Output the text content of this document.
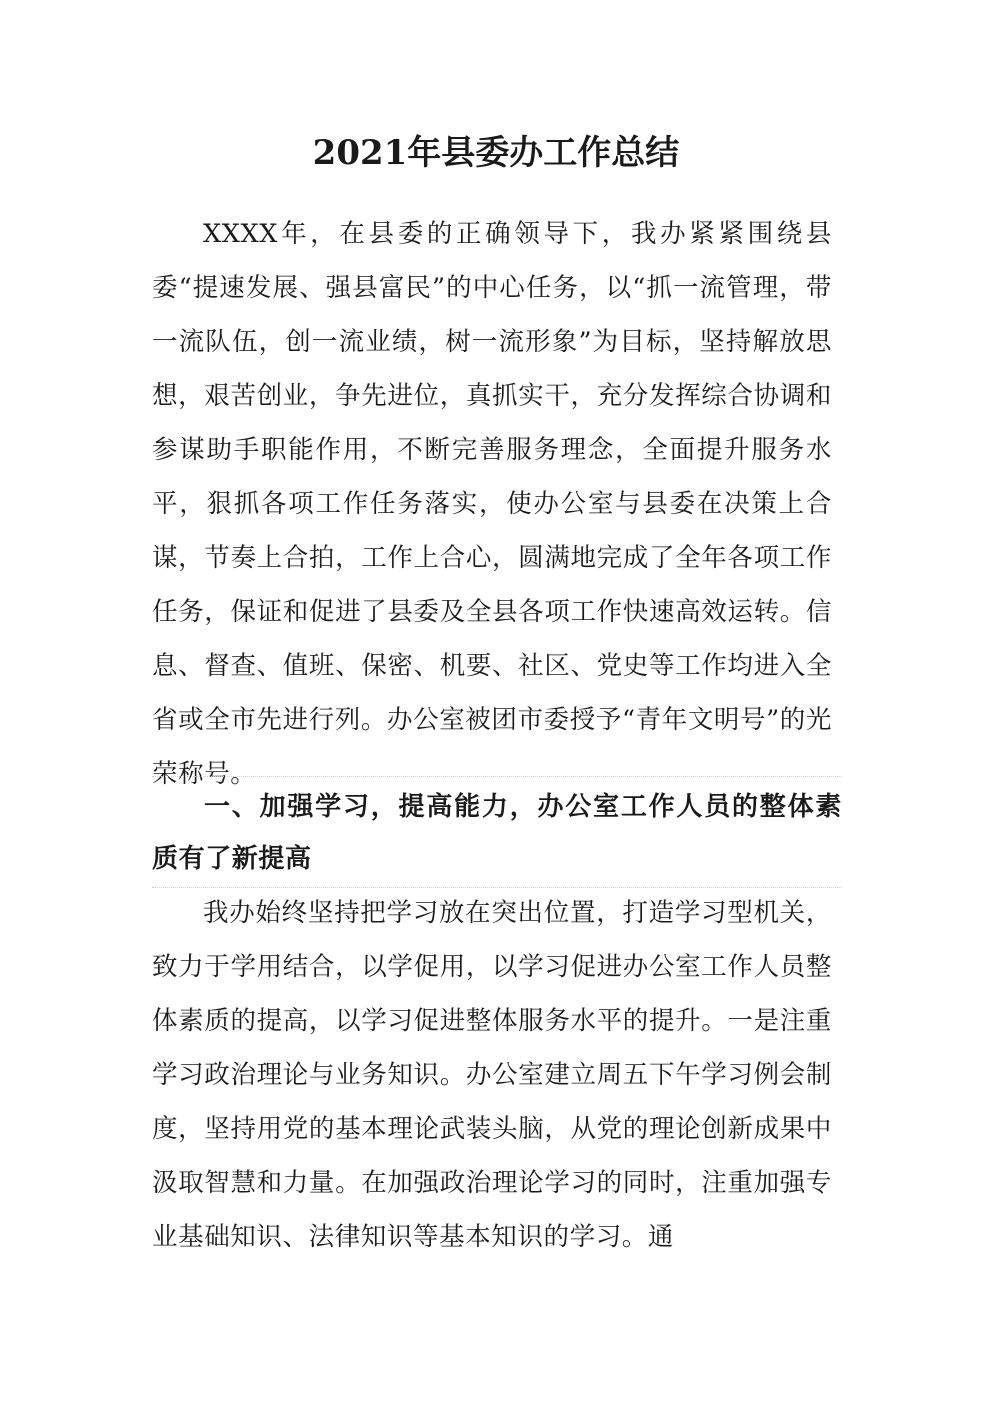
2021年县委办工作总结
XXXX年，在县委的正确领导下，我办紧紧围绕县委“提速发展、强县富民”的中心任务，以“抓一流管理，带一流队伍，创一流业绩，树一流形象”为目标，坚持解放思想，艰苦创业，争先进位，真抓实干，充分发挥综合协调和参谋助手职能作用，不断完善服务理念，全面提升服务水平，狠抓各项工作任务落实，使办公室与县委在决策上合谋，节奏上合拍，工作上合心，圆满地完成了全年各项工作任务，保证和促进了县委及全县各项工作快速高效运转。信息、督查、值班、保密、机要、社区、党史等工作均进入全省或全市先进行列。办公室被团市委授予“青年文明号”的光荣称号。
一、加强学习，提高能力，办公室工作人员的整体素质有了新提高
我办始终坚持把学习放在突出位置，打造学习型机关，致力于学用结合，以学促用，以学习促进办公室工作人员整体素质的提高，以学习促进整体服务水平的提升。一是注重学习政治理论与业务知识。办公室建立周五下午学习例会制度，坚持用党的基本理论武装头脑，从党的理论创新成果中汲取智慧和力量。在加强政治理论学习的同时，注重加强专业基础知识、法律知识等基本知识的学习。通
